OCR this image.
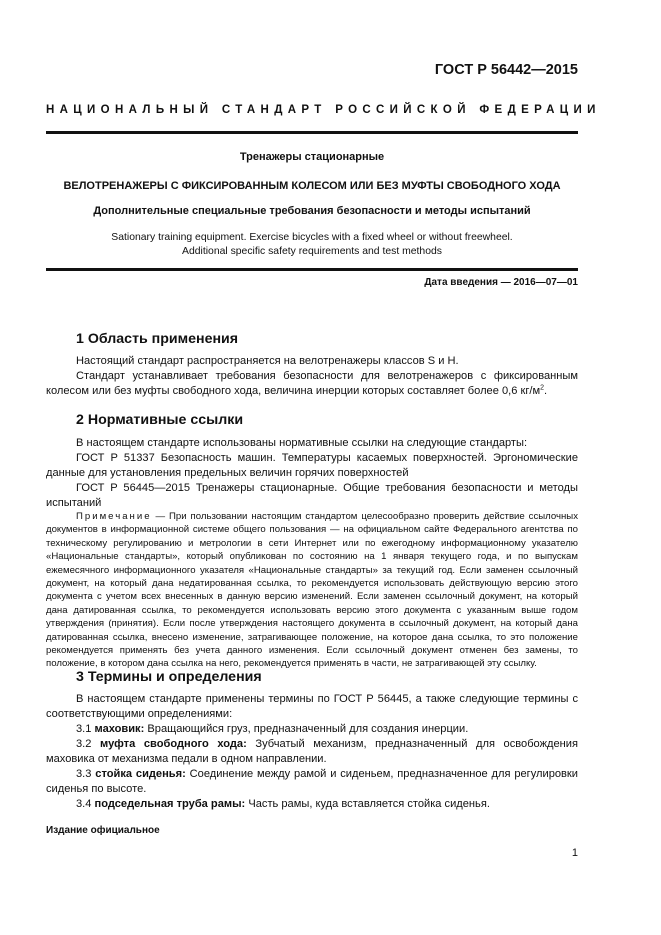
ГОСТ Р 56442—2015
НАЦИОНАЛЬНЫЙ СТАНДАРТ РОССИЙСКОЙ ФЕДЕРАЦИИ
Тренажеры стационарные
ВЕЛОТРЕНАЖЕРЫ С ФИКСИРОВАННЫМ КОЛЕСОМ ИЛИ БЕЗ МУФТЫ СВОБОДНОГО ХОДА
Дополнительные специальные требования безопасности и методы испытаний
Sationary training equipment. Exercise bicycles with a fixed wheel or without freewheel.
Additional specific safety requirements and test methods
Дата введения — 2016—07—01
1 Область применения
Настоящий стандарт распространяется на велотренажеры классов S и H.
Стандарт устанавливает требования безопасности для велотренажеров с фиксированным колесом или без муфты свободного хода, величина инерции которых составляет более 0,6 $кг/м^2$.
2 Нормативные ссылки
В настоящем стандарте использованы нормативные ссылки на следующие стандарты:
ГОСТ Р 51337 Безопасность машин. Температуры касаемых поверхностей. Эргономические данные для установления предельных величин горячих поверхностей
ГОСТ Р 56445—2015 Тренажеры стационарные. Общие требования безопасности и методы испытаний
Примечание — При пользовании настоящим стандартом целесообразно проверить действие ссылочных документов в информационной системе общего пользования — на официальном сайте Федерального агентства по техническому регулированию и метрологии в сети Интернет или по ежегодному информационному указателю «Национальные стандарты», который опубликован по состоянию на 1 января текущего года, и по выпускам ежемесячного информационного указателя «Национальные стандарты» за текущий год. Если заменен ссылочный документ, на который дана недатированная ссылка, то рекомендуется использовать действующую версию этого документа с учетом всех внесенных в данную версию изменений. Если заменен ссылочный документ, на который дана датированная ссылка, то рекомендуется использовать версию этого документа с указанным выше годом утверждения (принятия). Если после утверждения настоящего документа в ссылочный документ, на который дана датированная ссылка, внесено изменение, затрагивающее положение, на которое дана ссылка, то это положение рекомендуется применять без учета данного изменения. Если ссылочный документ отменен без замены, то положение, в котором дана ссылка на него, рекомендуется применять в части, не затрагивающей эту ссылку.
3 Термины и определения
В настоящем стандарте применены термины по ГОСТ Р 56445, а также следующие термины с соответствующими определениями:
3.1 маховик: Вращающийся груз, предназначенный для создания инерции.
3.2 муфта свободного хода: Зубчатый механизм, предназначенный для освобождения маховика от механизма педали в одном направлении.
3.3 стойка сиденья: Соединение между рамой и сиденьем, предназначенное для регулировки сиденья по высоте.
3.4 подседельная труба рамы: Часть рамы, куда вставляется стойка сиденья.
Издание официальное
1
